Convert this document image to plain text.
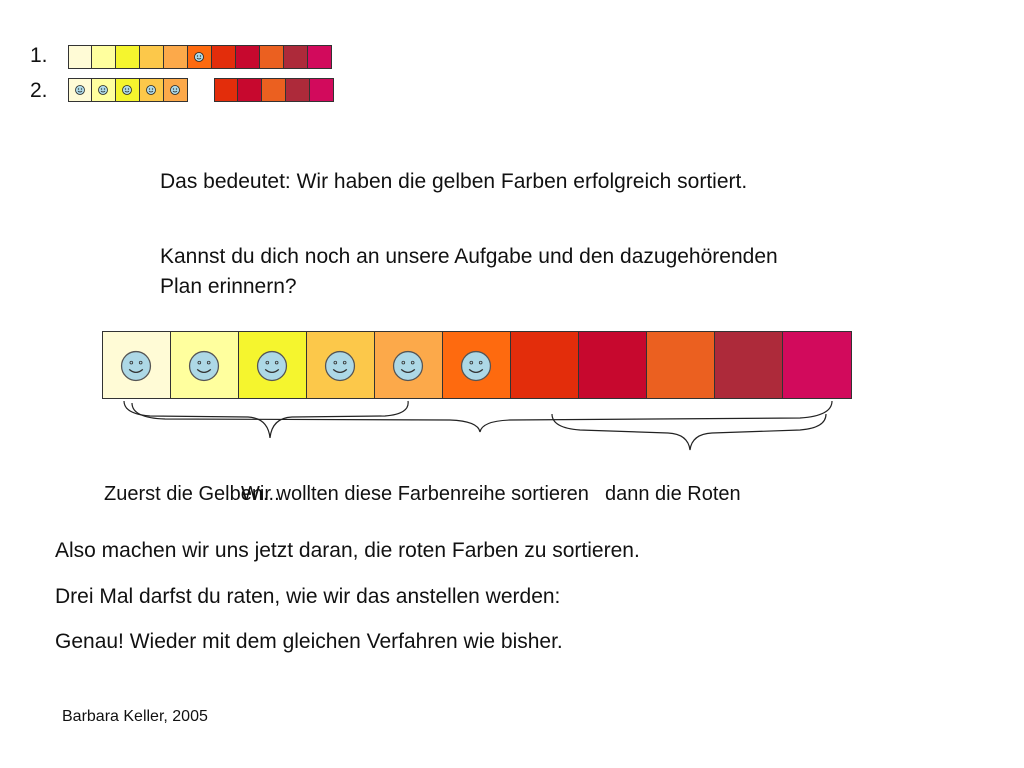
1.
2.
Das bedeutet: Wir haben die gelben Farben erfolgreich sortiert.
Kannst du dich noch an unsere Aufgabe und den dazugehörenden Plan erinnern?
Zuerst die Gelben...
Wir wollten diese Farbenreihe sortieren dann die Roten
Also machen wir uns jetzt daran, die roten Farben zu sortieren.
Drei Mal darfst du raten, wie wir das anstellen werden:
Genau! Wieder mit dem gleichen Verfahren wie bisher.
Barbara Keller, 2005
